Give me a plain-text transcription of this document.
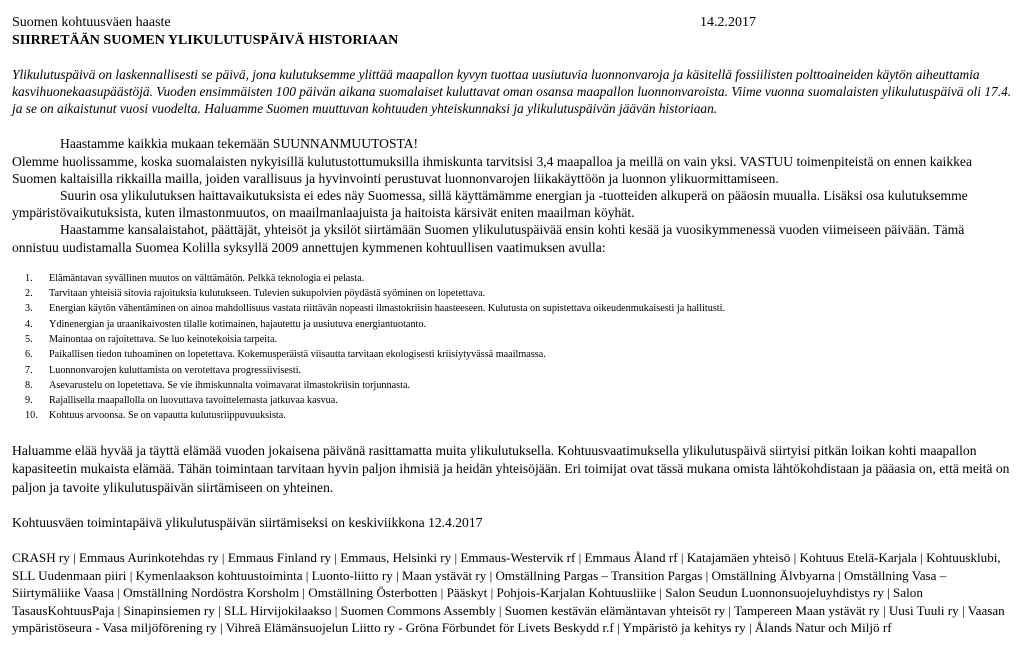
Suomen kohtuusväen haaste	14.2.2017
SIIRRETÄÄN SUOMEN YLIKULUTUSPÄIVÄ HISTORIAAN

Ylikulutuspäivä on laskennallisesti se päivä, jona kulutuksemme ylittää maapallon kyvyn tuottaa uusiutuvia luonnonvaroja ja käsitellä fossiilisten polttoaineiden käytön aiheuttamia kasvihuonekaasupäästöjä. Vuoden ensimmäisten 100 päivän aikana suomalaiset kuluttavat oman osansa maapallon luonnonvaroista. Viime vuonna suomalaisten ylikulutuspäivä oli 17.4. ja se on aikaistunut vuosi vuodelta. Haluamme Suomen muuttuvan kohtuuden yhteiskunnaksi ja ylikulutuspäivän jäävän historiaan.

Haastamme kaikkia mukaan tekemään SUUNNANMUUTOSTA!

Olemme huolissamme, koska suomalaisten nykyisillä kulutustottumuksilla ihmiskunta tarvitsisi 3,4 maapalloa ja meillä on vain yksi. VASTUU toimenpiteistä on ennen kaikkea Suomen kaltaisilla rikkailla mailla, joiden varallisuus ja hyvinvointi perustuvat luonnonvarojen liikakäyttöön ja luonnon ylikuormittamiseen.

Suurin osa ylikulutuksen haittavaikutuksista ei edes näy Suomessa, sillä käyttämämme energian ja -tuotteiden alkuperä on pääosin muualla. Lisäksi osa kulutuksemme ympäristövaikutuksista, kuten ilmastonmuutos, on maailmanlaajuista ja haitoista kärsivät eniten maailman köyhät.

Haastamme kansalaistahot, päättäjät, yhteisöt ja yksilöt siirtämään Suomen ylikulutuspäivää ensin kohti kesää ja vuosikymmenessä vuoden viimeiseen päivään. Tämä onnistuu uudistamalla Suomea Kolilla syksyllä 2009 annettujen kymmenen kohtuullisen vaatimuksen avulla:

1. Elämäntavan syvällinen muutos on välttämätön. Pelkkä teknologia ei pelasta.
2. Tarvitaan yhteisiä sitovia rajoituksia kulutukseen. Tulevien sukupolvien pöydästä syöminen on lopetettava.
3. Energian käytön vähentäminen on ainoa mahdollisuus vastata riittävän nopeasti ilmastokriisin haasteeseen. Kulutusta on supistettava oikeudenmukaisesti ja hallitusti.
4. Ydinenergian ja uraanikaivosten tilalle kotimainen, hajautettu ja uusiutuva energiantuotanto.
5. Mainontaa on rajoitettava. Se luo keinotekoisia tarpeita.
6. Paikallisen tiedon tuhoaminen on lopetettava. Kokemusperäistä viisautta tarvitaan ekologisesti kriisiytyvässä maailmassa.
7. Luonnonvarojen kuluttamista on verotettava progressiivisesti.
8. Asevarustelu on lopetettava. Se vie ihmiskunnalta voimavarat ilmastokriisin torjunnasta.
9. Rajallisella maapallolla on luovuttava tavoittelemasta jatkuvaa kasvua.
10. Kohtuus arvoonsa. Se on vapautta kulutusriippuvuuksista.

Haluamme elää hyvää ja täyttä elämää vuoden jokaisena päivänä rasittamatta muita ylikulutuksella. Kohtuusvaatimuksella ylikulutuspäivä siirtyisi pitkän loikan kohti maapallon kapasiteetin mukaista elämää. Tähän toimintaan tarvitaan hyvin paljon ihmisiä ja heidän yhteisöjään. Eri toimijat ovat tässä mukana omista lähtökohdistaan ja pääasia on, että meitä on paljon ja tavoite ylikulutuspäivän siirtämiseen on yhteinen.

Kohtuusväen toimintapäivä ylikulutuspäivän siirtämiseksi on keskiviikkona 12.4.2017

CRASH ry | Emmaus Aurinkotehdas ry | Emmaus Finland ry | Emmaus, Helsinki ry | Emmaus-Westervik rf | Emmaus Åland rf | Katajamäen yhteisö | Kohtuus Etelä-Karjala | Kohtuusklubi, SLL Uudenmaan piiri | Kymenlaakson kohtuustoiminta | Luonto-liitto ry | Maan ystävät ry | Omställning Pargas – Transition Pargas | Omställning Älvbyarna | Omställning Vasa – Siirtymäliike Vaasa | Omställning Nordöstra Korsholm | Omställning Österbotten | Pääskyt | Pohjois-Karjalan Kohtuusliike | Salon Seudun Luonnonsuojeluyhdistys ry | Salon TasausKohtuusPaja | Sinapinsiemen ry | SLL Hirvijokilaakso | Suomen Commons Assembly | Suomen kestävän elämäntavan yhteisöt ry | Tampereen Maan ystävät ry | Uusi Tuuli ry | Vaasan ympäristöseura - Vasa miljöförening ry | Vihreä Elämänsuojelun Liitto ry - Gröna Förbundet för Livets Beskydd r.f | Ympäristö ja kehitys ry | Ålands Natur och Miljö rf
